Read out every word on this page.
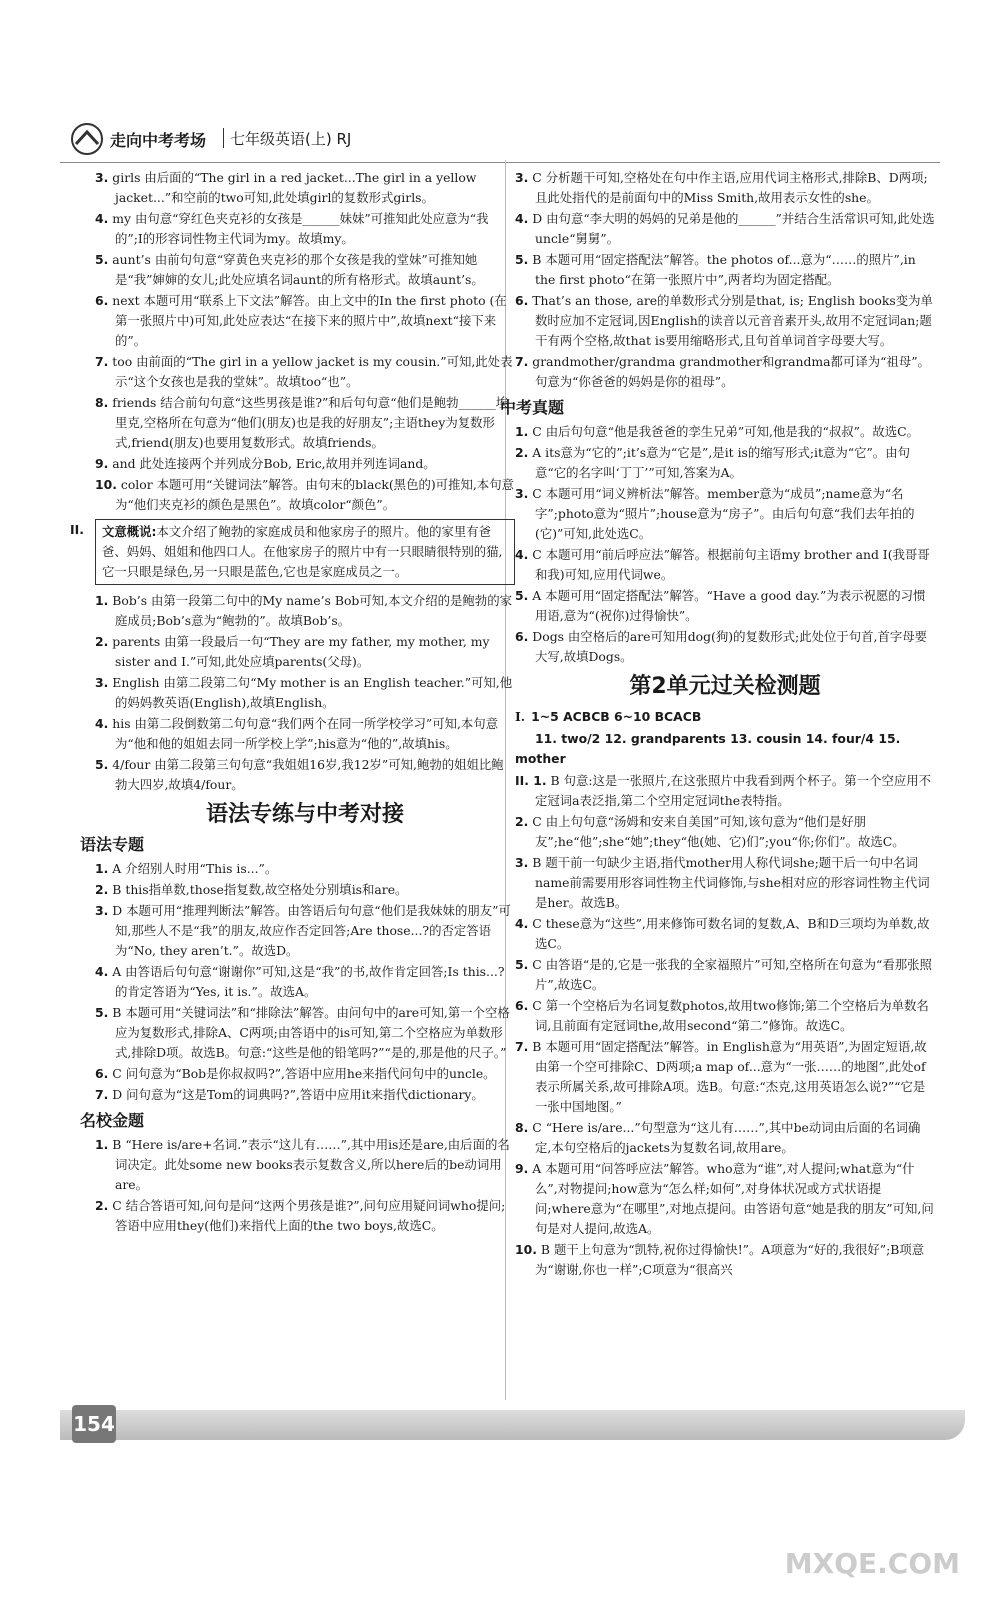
走向中考考场 七年级英语(上) RJ
3. girls 由后面的“The girl in a red jacket...The girl in a yellow jacket...”和空前的two可知,此处填girl的复数形式girls。
4. my 由句意“穿红色夹克衫的女孩是______妹妹”可推知此处应意为“我的”;I的形容词性物主代词为my。故填my。
5. aunt’s 由前句句意“穿黄色夹克衫的那个女孩是我的堂妹”可推知她是“我”婶婶的女儿;此处应填名词aunt的所有格形式。故填aunt’s。
6. next 本题可用“联系上下文法”解答。由上文中的In the first photo (在第一张照片中)可知,此处应表达“在接下来的照片中”,故填next“接下来的”。
7. too 由前面的“The girl in a yellow jacket is my cousin.”可知,此处表示“这个女孩也是我的堂妹”。故填too“也”。
8. friends 结合前句句意“这些男孩是谁?”和后句句意“他们是鲍勃______埃里克,空格所在句意为“他们(朋友)也是我的好朋友”;主语they为复数形式,friend(朋友)也要用复数形式。故填friends。
9. and 此处连接两个并列成分Bob, Eric,故用并列连词and。
10. color 本题可用“关键词法”解答。由句末的black(黑色的)可推知,本句意为“他们夹克衫的颜色是黑色”。故填color“颜色”。
II. 文意概说:本文介绍了鲍勃的家庭成员和他家房子的照片。他的家里有爸爸、妈妈、姐姐和他四口人。在他家房子的照片中有一只眼睛很特别的猫,它一只眼是绿色,另一只眼是蓝色,它也是家庭成员之一。
1. Bob’s 由第一段第二句中的My name’s Bob可知,本文介绍的是鲍勃的家庭成员;Bob’s意为“鲍勃的”。故填Bob’s。
2. parents 由第一段最后一句“They are my father, my mother, my sister and I.”可知,此处应填parents(父母)。
3. English 由第二段第二句“My mother is an English teacher.”可知,他的妈妈教英语(English),故填English。
4. his 由第二段倒数第二句句意“我们两个在同一所学校学习”可知,本句意为“他和他的姐姐去同一所学校上学”;his意为“他的”,故填his。
5. 4/four 由第二段第三句句意“我姐姐16岁,我12岁”可知,鲍勃的姐姐比鲍勃大四岁,故填4/four。
语法专练与中考对接
语法专题
1. A 介绍别人时用“This is...”。
2. B this指单数,those指复数,故空格处分别填is和are。
3. D 本题可用“推理判断法”解答。由答语后句句意“他们是我妹妹的朋友”可知,那些人不是“我”的朋友,故应作否定回答;Are those...?的否定答语为“No, they aren’t.”。故选D。
4. A 由答语后句句意“谢谢你”可知,这是“我”的书,故作肯定回答;Is this...?的肯定答语为“Yes, it is.”。故选A。
5. B 本题可用“关键词法”和“排除法”解答。由问句中的are可知,第一个空格应为复数形式,排除A、C两项;由答语中的is可知,第二个空格应为单数形式,排除D项。故选B。句意:“这些是他的铅笔吗?”“是的,那是他的尺子。”
6. C 问句意为“Bob是你叔叔吗?”,答语中应用he来指代问句中的uncle。
7. D 问句意为“这是Tom的词典吗?”,答语中应用it来指代dictionary。
名校金题
1. B “Here is/are+名词.”表示“这儿有……”,其中用is还是are,由后面的名词决定。此处some new books表示复数含义,所以here后的be动词用are。
2. C 结合答语可知,问句是问“这两个男孩是谁?”,问句应用疑问词who提问;答语中应用they(他们)来指代上面的the two boys,故选C。
3. C 分析题干可知,空格处在句中作主语,应用代词主格形式,排除B、D两项;且此处指代的是前面句中的Miss Smith,故用表示女性的she。
4. D 由句意“李大明的妈妈的兄弟是他的______”并结合生活常识可知,此处选uncle“舅舅”。
5. B 本题可用“固定搭配法”解答。the photos of...意为“……的照片”,in the first photo“在第一张照片中”,两者均为固定搭配。
6. That’s an those, are的单数形式分别是that, is; English books变为单数时应加不定冠词,因English的读音以元音音素开头,故用不定冠词an;题干有两个空格,故that is要用缩略形式,且句首单词首字母要大写。
7. grandmother/grandma grandmother和grandma都可译为“祖母”。句意为“你爸爸的妈妈是你的祖母”。
中考真题
1. C 由后句句意“他是我爸爸的孪生兄弟”可知,他是我的“叔叔”。故选C。
2. A its意为“它的”;it’s意为“它是”,是it is的缩写形式;it意为“它”。由句意“它的名字叫‘丁丁’”可知,答案为A。
3. C 本题可用“词义辨析法”解答。member意为“成员”;name意为“名字”;photo意为“照片”;house意为“房子”。由后句句意“我们去年拍的(它)”可知,此处选C。
4. C 本题可用“前后呼应法”解答。根据前句主语my brother and I(我哥哥和我)可知,应用代词we。
5. A 本题可用“固定搭配法”解答。“Have a good day.”为表示祝愿的习惯用语,意为“(祝你)过得愉快”。
6. Dogs 由空格后的are可知用dog(狗)的复数形式;此处位于句首,首字母要大写,故填Dogs。
第2单元过关检测题
I. 1~5 ACBCB 6~10 BCACB
11. two/2 12. grandparents 13. cousin 14. four/4 15. mother
II. 1. B 句意:这是一张照片,在这张照片中我看到两个杯子。第一个空应用不定冠词a表泛指,第二个空用定冠词the表特指。
2. C 由上句句意“汤姆和安来自美国”可知,该句意为“他们是好朋友”;he“他”;she“她”;they“他(她、它)们”;you“你;你们”。故选C。
3. B 题干前一句缺少主语,指代mother用人称代词she;题干后一句中名词name前需要用形容词性物主代词修饰,与she相对应的形容词性物主代词是her。故选B。
4. C these意为“这些”,用来修饰可数名词的复数,A、B和D三项均为单数,故选C。
5. C 由答语“是的,它是一张我的全家福照片”可知,空格所在句意为“看那张照片”,故选C。
6. C 第一个空格后为名词复数photos,故用two修饰;第二个空格后为单数名词,且前面有定冠词the,故用second“第二”修饰。故选C。
7. B 本题可用“固定搭配法”解答。in English意为“用英语”,为固定短语,故由第一个空可排除C、D两项;a map of...意为“一张……的地图”,此处of表示所属关系,故可排除A项。选B。句意:“杰克,这用英语怎么说?”“它是一张中国地图。”
8. C “Here is/are...”句型意为“这儿有……”,其中be动词由后面的名词确定,本句空格后的jackets为复数名词,故用are。
9. A 本题可用“问答呼应法”解答。who意为“谁”,对人提问;what意为“什么”,对物提问;how意为“怎么样;如何”,对身体状况或方式状语提问;where意为“在哪里”,对地点提问。由答语句意“她是我的朋友”可知,问句是对人提问,故选A。
10. B 题干上句意为“凯特,祝你过得愉快!”。A项意为“好的,我很好”;B项意为“谢谢,你也一样”;C项意为“很高兴
154
MXQE.COM
